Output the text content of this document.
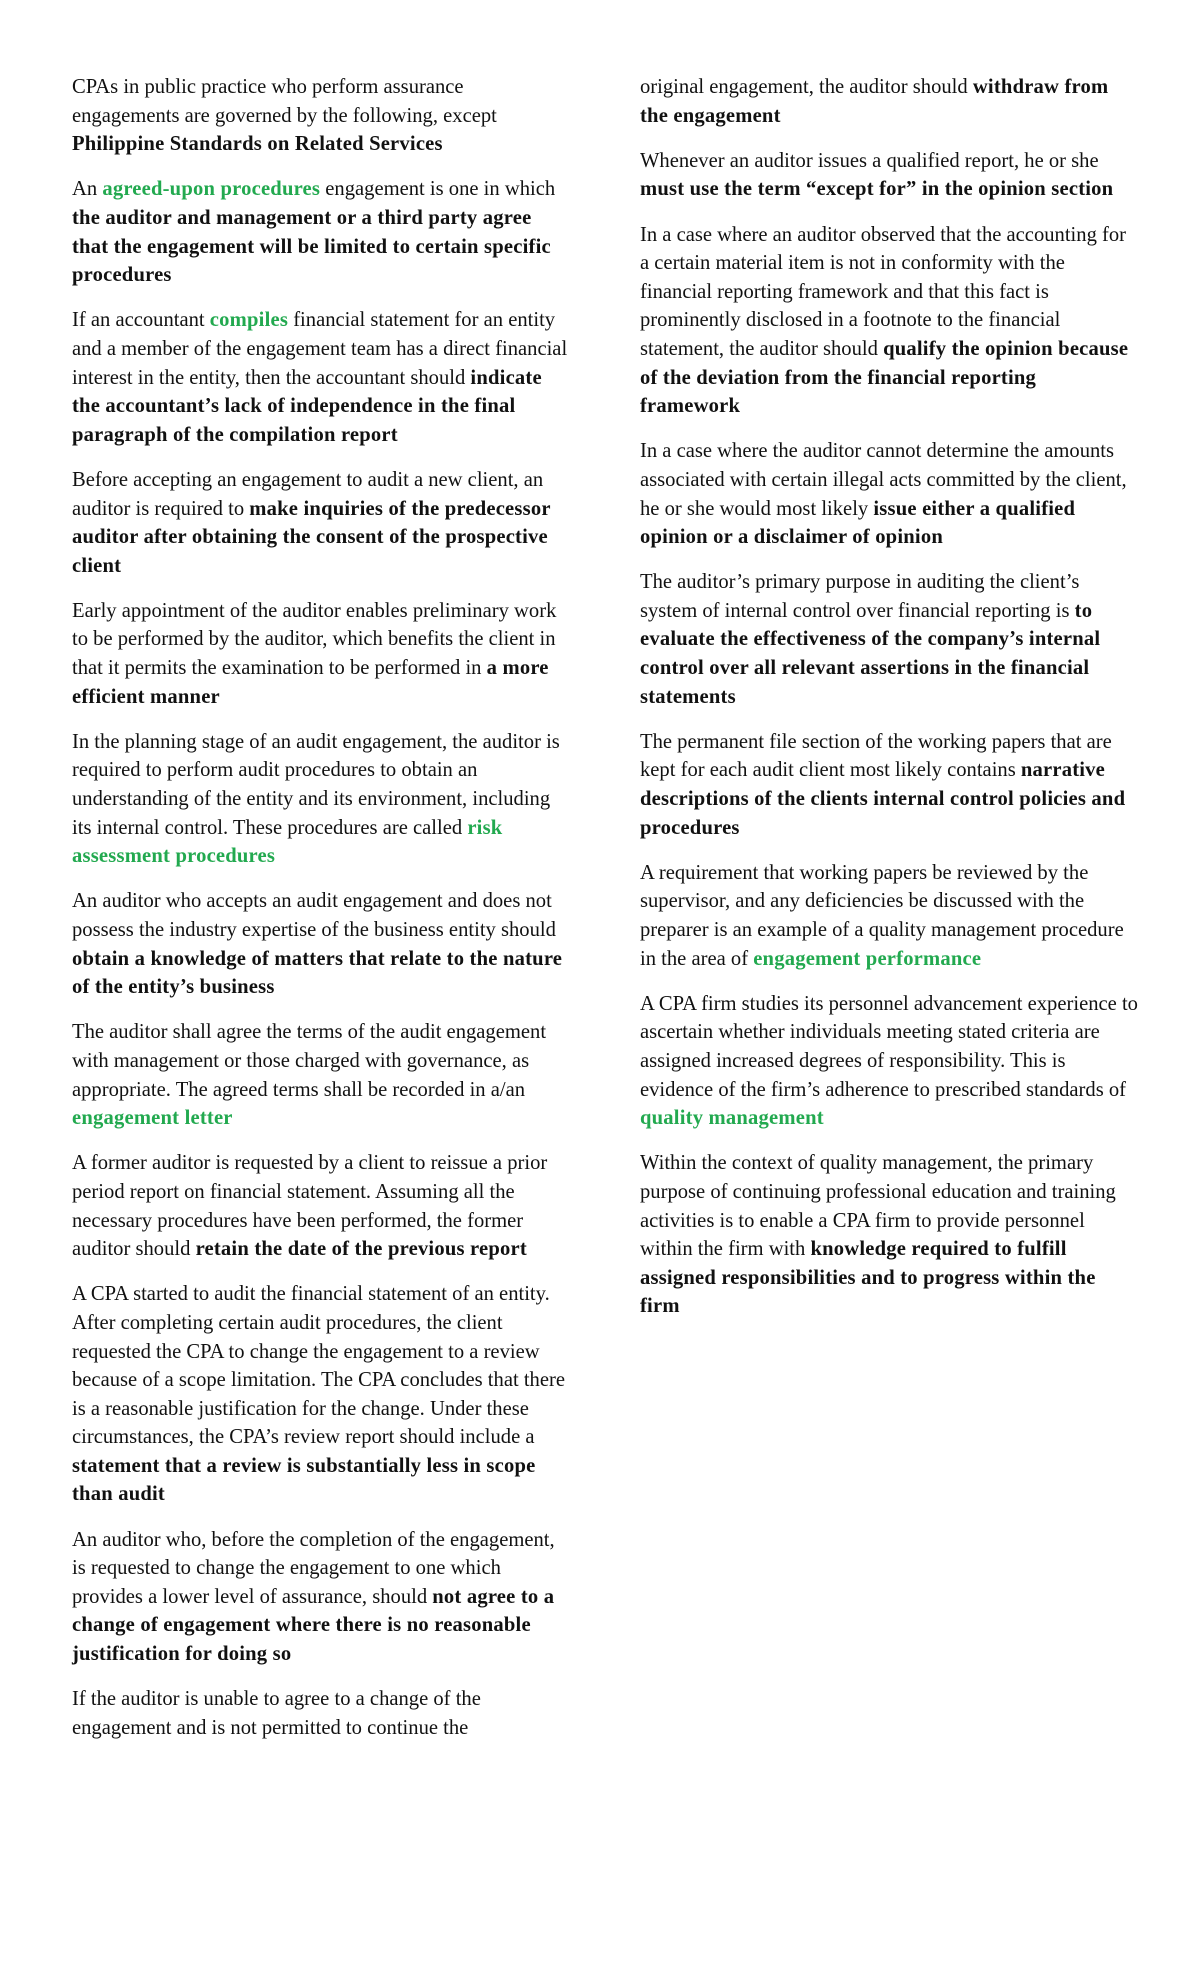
CPAs in public practice who perform assurance engagements are governed by the following, except Philippine Standards on Related Services

An agreed-upon procedures engagement is one in which the auditor and management or a third party agree that the engagement will be limited to certain specific procedures

If an accountant compiles financial statement for an entity and a member of the engagement team has a direct financial interest in the entity, then the accountant should indicate the accountant’s lack of independence in the final paragraph of the compilation report

Before accepting an engagement to audit a new client, an auditor is required to make inquiries of the predecessor auditor after obtaining the consent of the prospective client

Early appointment of the auditor enables preliminary work to be performed by the auditor, which benefits the client in that it permits the examination to be performed in a more efficient manner

In the planning stage of an audit engagement, the auditor is required to perform audit procedures to obtain an understanding of the entity and its environment, including its internal control. These procedures are called risk assessment procedures

An auditor who accepts an audit engagement and does not possess the industry expertise of the business entity should obtain a knowledge of matters that relate to the nature of the entity’s business

The auditor shall agree the terms of the audit engagement with management or those charged with governance, as appropriate. The agreed terms shall be recorded in a/an engagement letter

A former auditor is requested by a client to reissue a prior period report on financial statement. Assuming all the necessary procedures have been performed, the former auditor should retain the date of the previous report

A CPA started to audit the financial statement of an entity. After completing certain audit procedures, the client requested the CPA to change the engagement to a review because of a scope limitation. The CPA concludes that there is a reasonable justification for the change. Under these circumstances, the CPA’s review report should include a statement that a review is substantially less in scope than audit

An auditor who, before the completion of the engagement, is requested to change the engagement to one which provides a lower level of assurance, should not agree to a change of engagement where there is no reasonable justification for doing so

If the auditor is unable to agree to a change of the engagement and is not permitted to continue the

original engagement, the auditor should withdraw from the engagement

Whenever an auditor issues a qualified report, he or she must use the term “except for” in the opinion section

In a case where an auditor observed that the accounting for a certain material item is not in conformity with the financial reporting framework and that this fact is prominently disclosed in a footnote to the financial statement, the auditor should qualify the opinion because of the deviation from the financial reporting framework

In a case where the auditor cannot determine the amounts associated with certain illegal acts committed by the client, he or she would most likely issue either a qualified opinion or a disclaimer of opinion

The auditor’s primary purpose in auditing the client’s system of internal control over financial reporting is to evaluate the effectiveness of the company’s internal control over all relevant assertions in the financial statements

The permanent file section of the working papers that are kept for each audit client most likely contains narrative descriptions of the clients internal control policies and procedures

A requirement that working papers be reviewed by the supervisor, and any deficiencies be discussed with the preparer is an example of a quality management procedure in the area of engagement performance

A CPA firm studies its personnel advancement experience to ascertain whether individuals meeting stated criteria are assigned increased degrees of responsibility. This is evidence of the firm’s adherence to prescribed standards of quality management

Within the context of quality management, the primary purpose of continuing professional education and training activities is to enable a CPA firm to provide personnel within the firm with knowledge required to fulfill assigned responsibilities and to progress within the firm
